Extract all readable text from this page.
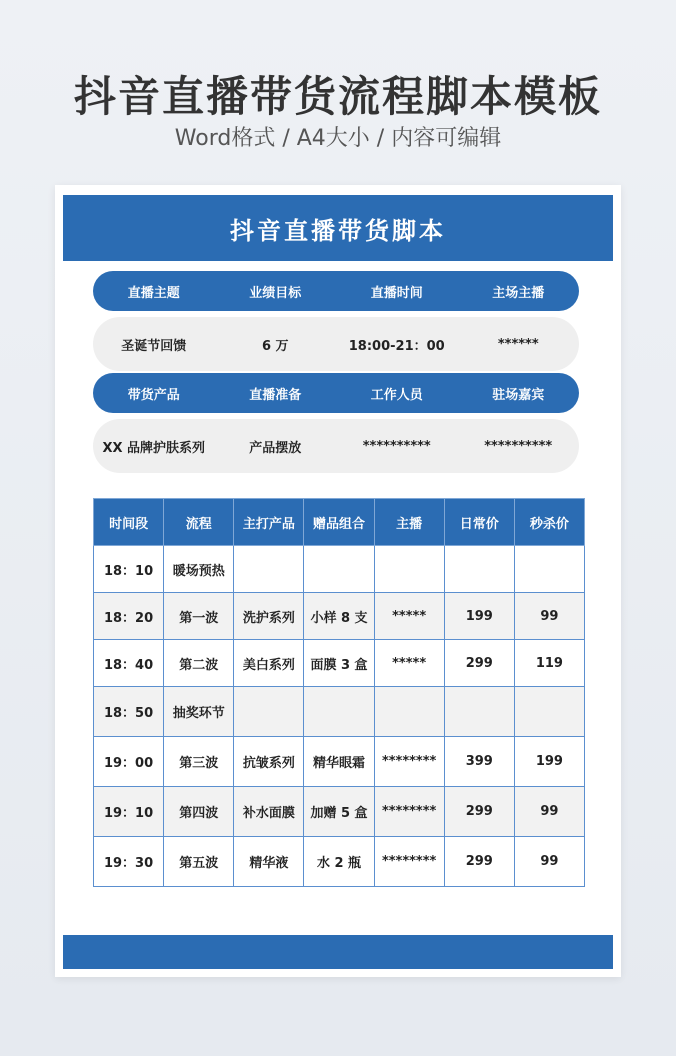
抖音直播带货流程脚本模板
Word格式 / A4大小 / 内容可编辑
抖音直播带货脚本
直播主题	业绩目标	直播时间	主场主播
圣诞节回馈	6 万	18:00-21：00	******
带货产品	直播准备	工作人员	驻场嘉宾
XX 品牌护肤系列	产品摆放	**********	**********
时间段	流程	主打产品	赠品组合	主播	日常价	秒杀价
18：10	暖场预热					
18：20	第一波	洗护系列	小样 8 支	*****	199	99
18：40	第二波	美白系列	面膜 3 盒	*****	299	119
18：50	抽奖环节					
19：00	第三波	抗皱系列	精华眼霜	********	399	199
19：10	第四波	补水面膜	加赠 5 盒	********	299	99
19：30	第五波	精华液	水 2 瓶	********	299	99
